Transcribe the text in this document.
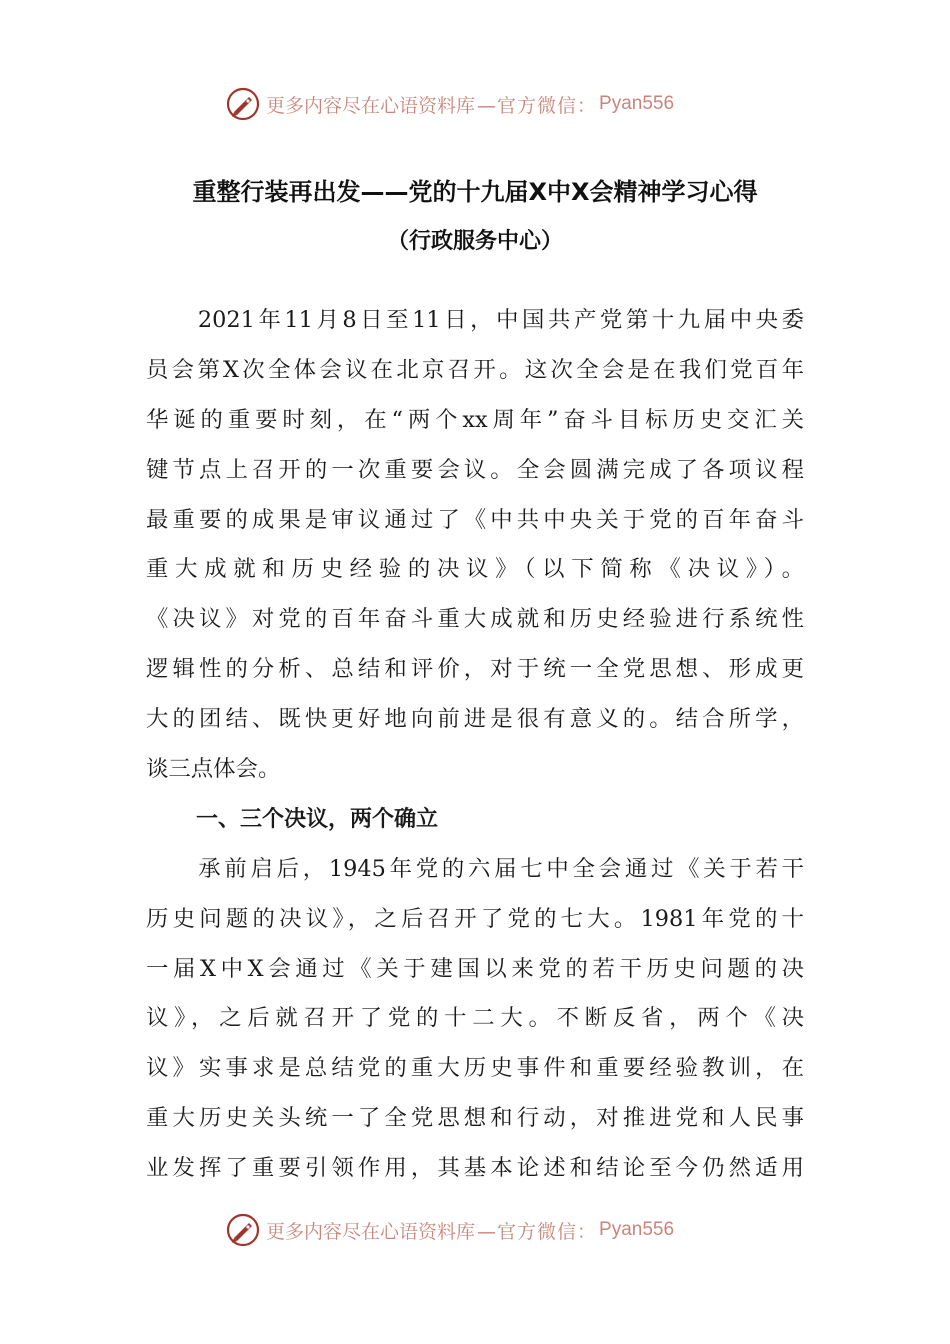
更多内容尽在心语资料库 —官方微信： Pyan556
重整行装再出发——党的十九届X中X会精神学习心得
（行政服务中心）
　　2021年11月8日至11日，中国共产党第十九届中央委
员会第X次全体会议在北京召开。这次全会是在我们党百年
华诞的重要时刻，在“两个xx周年”奋斗目标历史交汇关
键节点上召开的一次重要会议。全会圆满完成了各项议程
最重要的成果是审议通过了《中共中央关于党的百年奋斗
重大成就和历史经验的决议》（以下简称《决议》）。
《决议》对党的百年奋斗重大成就和历史经验进行系统性
逻辑性的分析、总结和评价，对于统一全党思想、形成更
大的团结、既快更好地向前进是很有意义的。结合所学，
谈三点体会。
一、三个决议，两个确立
　　承前启后，1945年党的六届七中全会通过《关于若干
历史问题的决议》，之后召开了党的七大。1981年党的十
一届X中X会通过《关于建国以来党的若干历史问题的决
议》，之后就召开了党的十二大。不断反省，两个《决
议》实事求是总结党的重大历史事件和重要经验教训，在
重大历史关头统一了全党思想和行动，对推进党和人民事
业发挥了重要引领作用，其基本论述和结论至今仍然适用
更多内容尽在心语资料库 —官方微信： Pyan556
